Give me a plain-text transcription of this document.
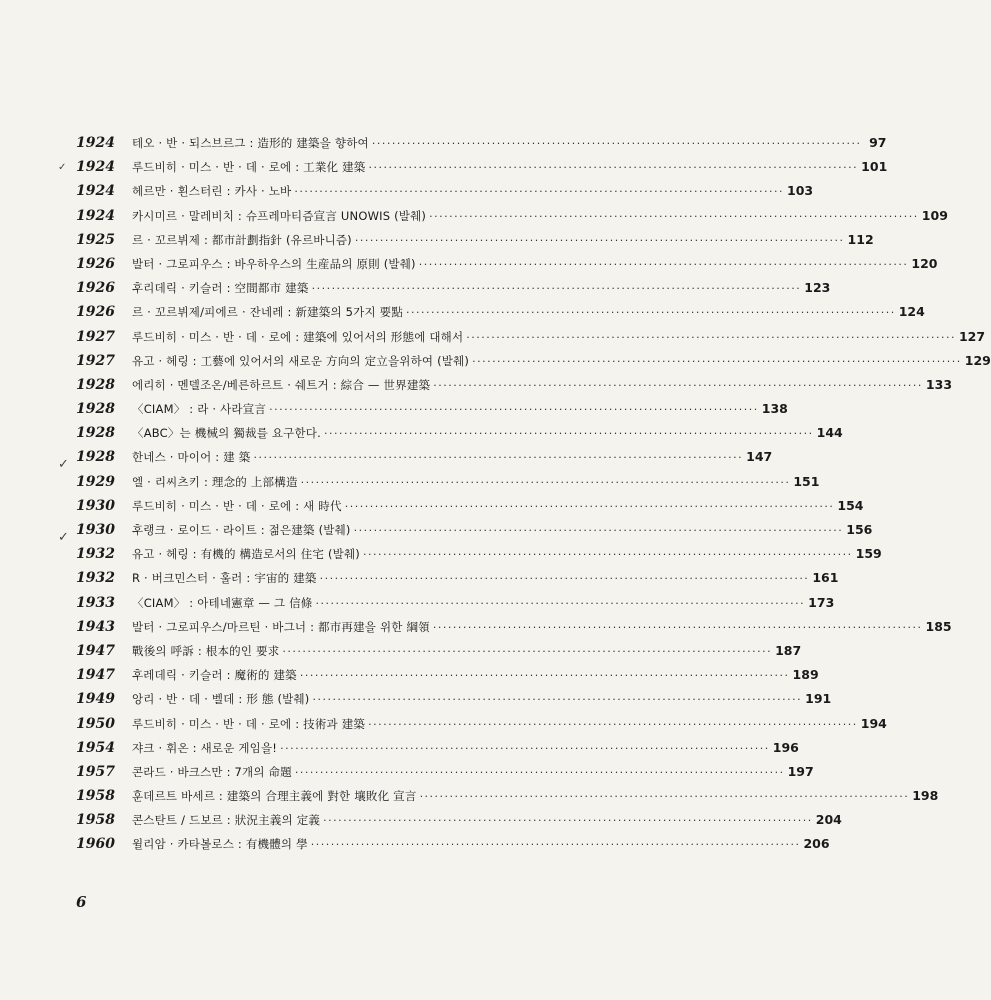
1924	테오 · 반 · 되스브르그 : 造形的 建築을 향하여 ·····	97
1924	루드비히 · 미스 · 반 · 데 · 로에 : 工業化 建築 ·····	101
1924	헤르만 · 횐스터린 : 카사 · 노바 ·····	103
1924	카시미르 · 말레비치 : 슈프레마티즘宣言 UNOWIS (발췌) ·····	109
1925	르 · 꼬르뷔제 : 都市計劃指針 (유르바니즘) ·····	112
1926	발터 · 그로피우스 : 바우하우스의 生産品의 原則 (발췌) ·····	120
1926	후리데릭 · 키슬러 : 空間都市 建築 ·····	123
1926	르 · 꼬르뷔제/피에르 · 잔네레 : 新建築의 5가지 要點 ·····	124
1927	루드비히 · 미스 · 반 · 데 · 로에 : 建築에 있어서의 形態에 대해서 ·····	127
1927	유고 · 헤링 : 工藝에 있어서의 새로운 方向의 定立을위하여 (발췌) ·····	129
1928	에리히 · 멘델조온/베른하르트 · 쉐트거 : 綜合 — 世界建築 ·····	133
1928	〈CIAM〉 : 라 · 사라宣言 ·····	138
1928	〈ABC〉는 機械의 獨裁를 요구한다. ·····	144
1928	한네스 · 마이어 : 建 築 ·····	147
1929	엘 · 리씨츠키 : 理念的 上部構造 ·····	151
1930	루드비히 · 미스 · 반 · 데 · 로에 : 새 時代 ·····	154
1930	후랭크 · 로이드 · 라이트 : 젊은建築 (발췌) ·····	156
1932	유고 · 헤링 : 有機的 構造로서의 住宅 (발췌) ·····	159
1932	R · 버크민스터 · 훌러 : 宇宙的 建築 ·····	161
1933	〈CIAM〉 : 아테네憲章 — 그 信條 ·····	173
1943	발터 · 그로피우스/마르틴 · 바그너 : 都市再建을 위한 綱領 ·····	185
1947	戰後의 呼訴 : 根本的인 要求 ·····	187
1947	후레데릭 · 키슬러 : 魔術的 建築 ·····	189
1949	앙리 · 반 · 데 · 벨데 : 形 態 (발췌) ·····	191
1950	루드비히 · 미스 · 반 · 데 · 로에 : 技術과 建築 ·····	194
1954	쟈크 · 휘온 : 새로운 게임을! ·····	196
1957	콘라드 · 바크스만 : 7개의 命題 ·····	197
1958	훈데르트 바세르 : 建築의 合理主義에 對한 壤敗化 宣言 ·····	198
1958	콘스탄트 / 드보르 : 狀況主義의 定義 ·····	204
1960	윌리암 · 카타볼로스 : 有機體의 學 ·····	206
✓
✓
✓
6
